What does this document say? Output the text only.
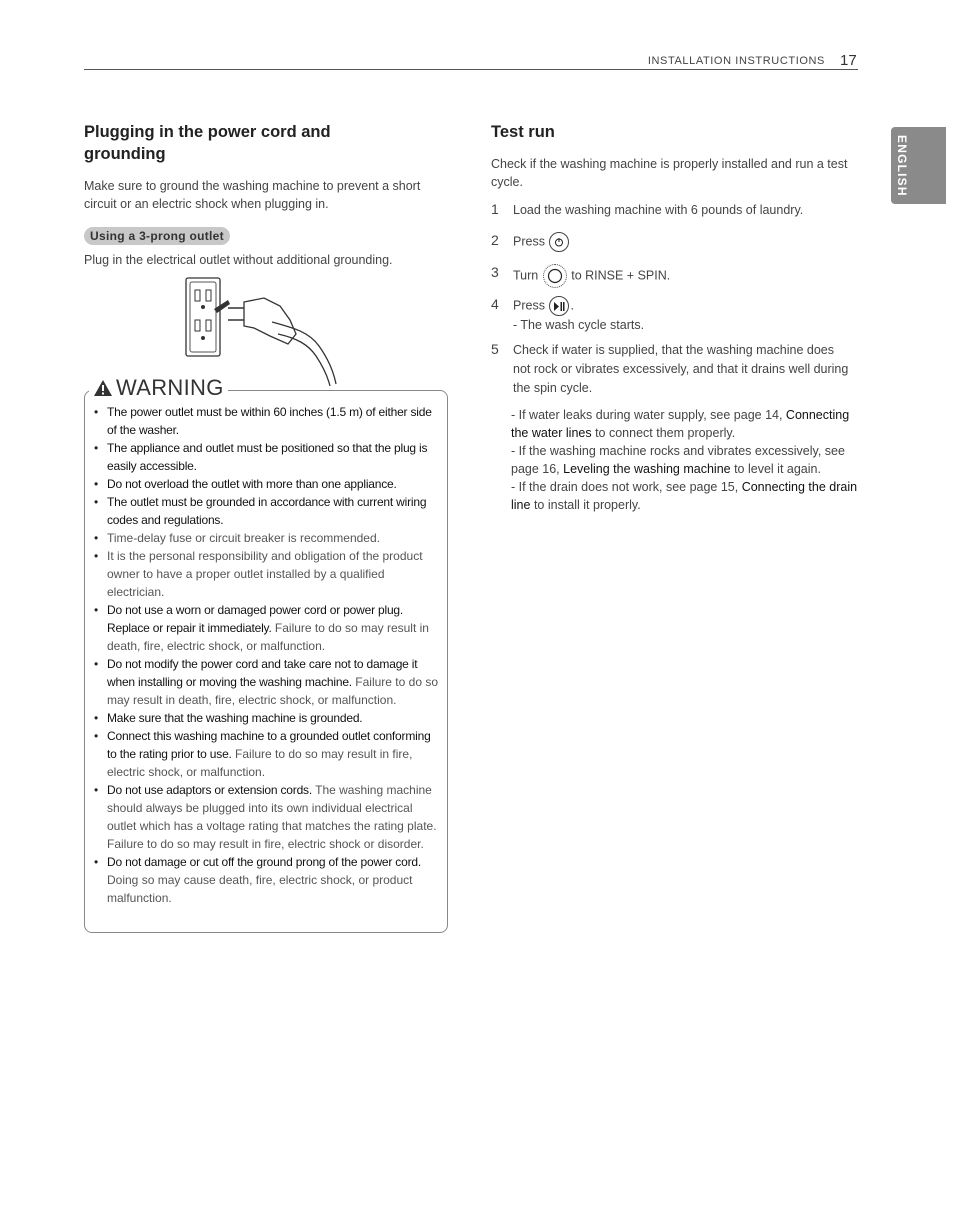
INSTALLATION INSTRUCTIONS 17
ENGLISH
Plugging in the power cord and grounding

Make sure to ground the washing machine to prevent a short circuit or an electric shock when plugging in.

Using a 3-prong outlet

Plug in the electrical outlet without additional grounding.

WARNING
• The power outlet must be within 60 inches (1.5 m) of either side of the washer.
• The appliance and outlet must be positioned so that the plug is easily accessible.
• Do not overload the outlet with more than one appliance.
• The outlet must be grounded in accordance with current wiring codes and regulations.
• Time-delay fuse or circuit breaker is recommended.
• It is the personal responsibility and obligation of the product owner to have a proper outlet installed by a qualified electrician.
• Do not use a worn or damaged power cord or power plug. Replace or repair it immediately. Failure to do so may result in death, fire, electric shock, or malfunction.
• Do not modify the power cord and take care not to damage it when installing or moving the washing machine. Failure to do so may result in death, fire, electric shock, or malfunction.
• Make sure that the washing machine is grounded.
• Connect this washing machine to a grounded outlet conforming to the rating prior to use. Failure to do so may result in fire, electric shock, or malfunction.
• Do not use adaptors or extension cords. The washing machine should always be plugged into its own individual electrical outlet which has a voltage rating that matches the rating plate. Failure to do so may result in fire, electric shock or disorder.
• Do not damage or cut off the ground prong of the power cord. Doing so may cause death, fire, electric shock, or product malfunction.
Test run

Check if the washing machine is properly installed and run a test cycle.

1 Load the washing machine with 6 pounds of laundry.
2 Press
3 Turn	to RINSE + SPIN.
4 Press .
- The wash cycle starts.
5 Check if water is supplied, that the washing machine does not rock or vibrates excessively, and that it drains well during the spin cycle.
- If water leaks during water supply, see page 14, Connecting the water lines to connect them properly.
- If the washing machine rocks and vibrates excessively, see page 16, Leveling the washing machine to level it again.
- If the drain does not work, see page 15, Connecting the drain line to install it properly.
